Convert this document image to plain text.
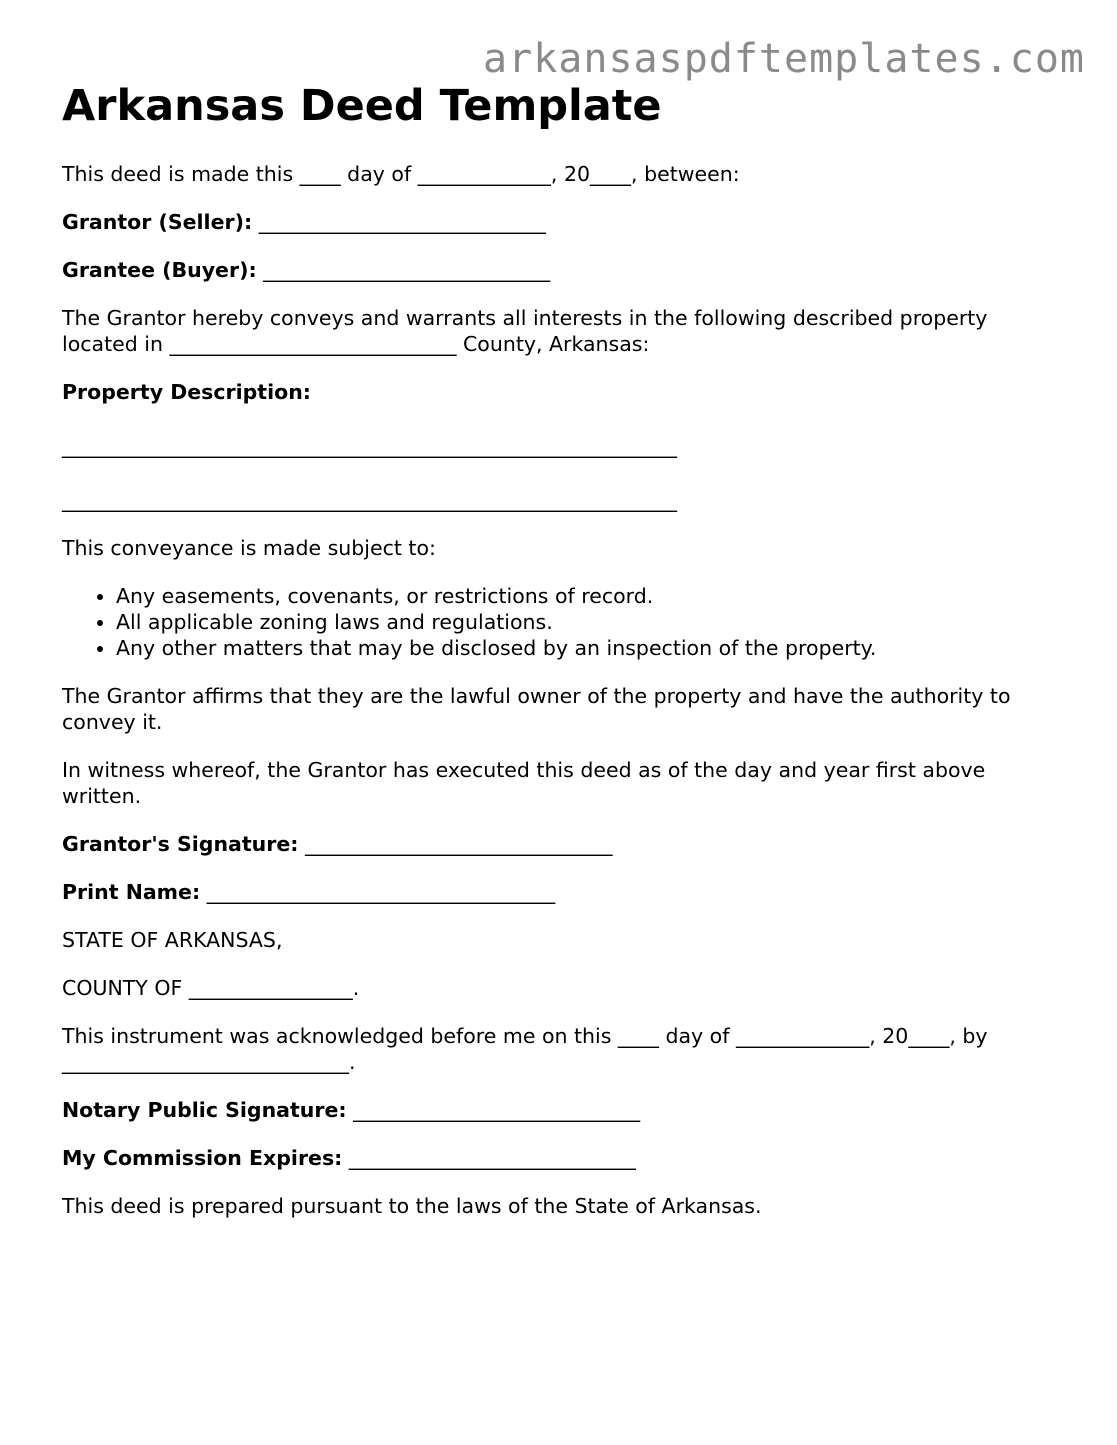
arkansaspdftemplates.com
Arkansas Deed Template

This deed is made this ____ day of _____________, 20____, between:

Grantor (Seller): ____________________________

Grantee (Buyer): ____________________________

The Grantor hereby conveys and warrants all interests in the following described property located in ____________________________ County, Arkansas:

Property Description:

____________________________________________________________

____________________________________________________________

This conveyance is made subject to:

• Any easements, covenants, or restrictions of record.
• All applicable zoning laws and regulations.
• Any other matters that may be disclosed by an inspection of the property.

The Grantor affirms that they are the lawful owner of the property and have the authority to convey it.

In witness whereof, the Grantor has executed this deed as of the day and year first above written.

Grantor's Signature: ______________________________

Print Name: __________________________________

STATE OF ARKANSAS,

COUNTY OF ________________.

This instrument was acknowledged before me on this ____ day of _____________, 20____, by ____________________________.

Notary Public Signature: ____________________________

My Commission Expires: ____________________________

This deed is prepared pursuant to the laws of the State of Arkansas.
